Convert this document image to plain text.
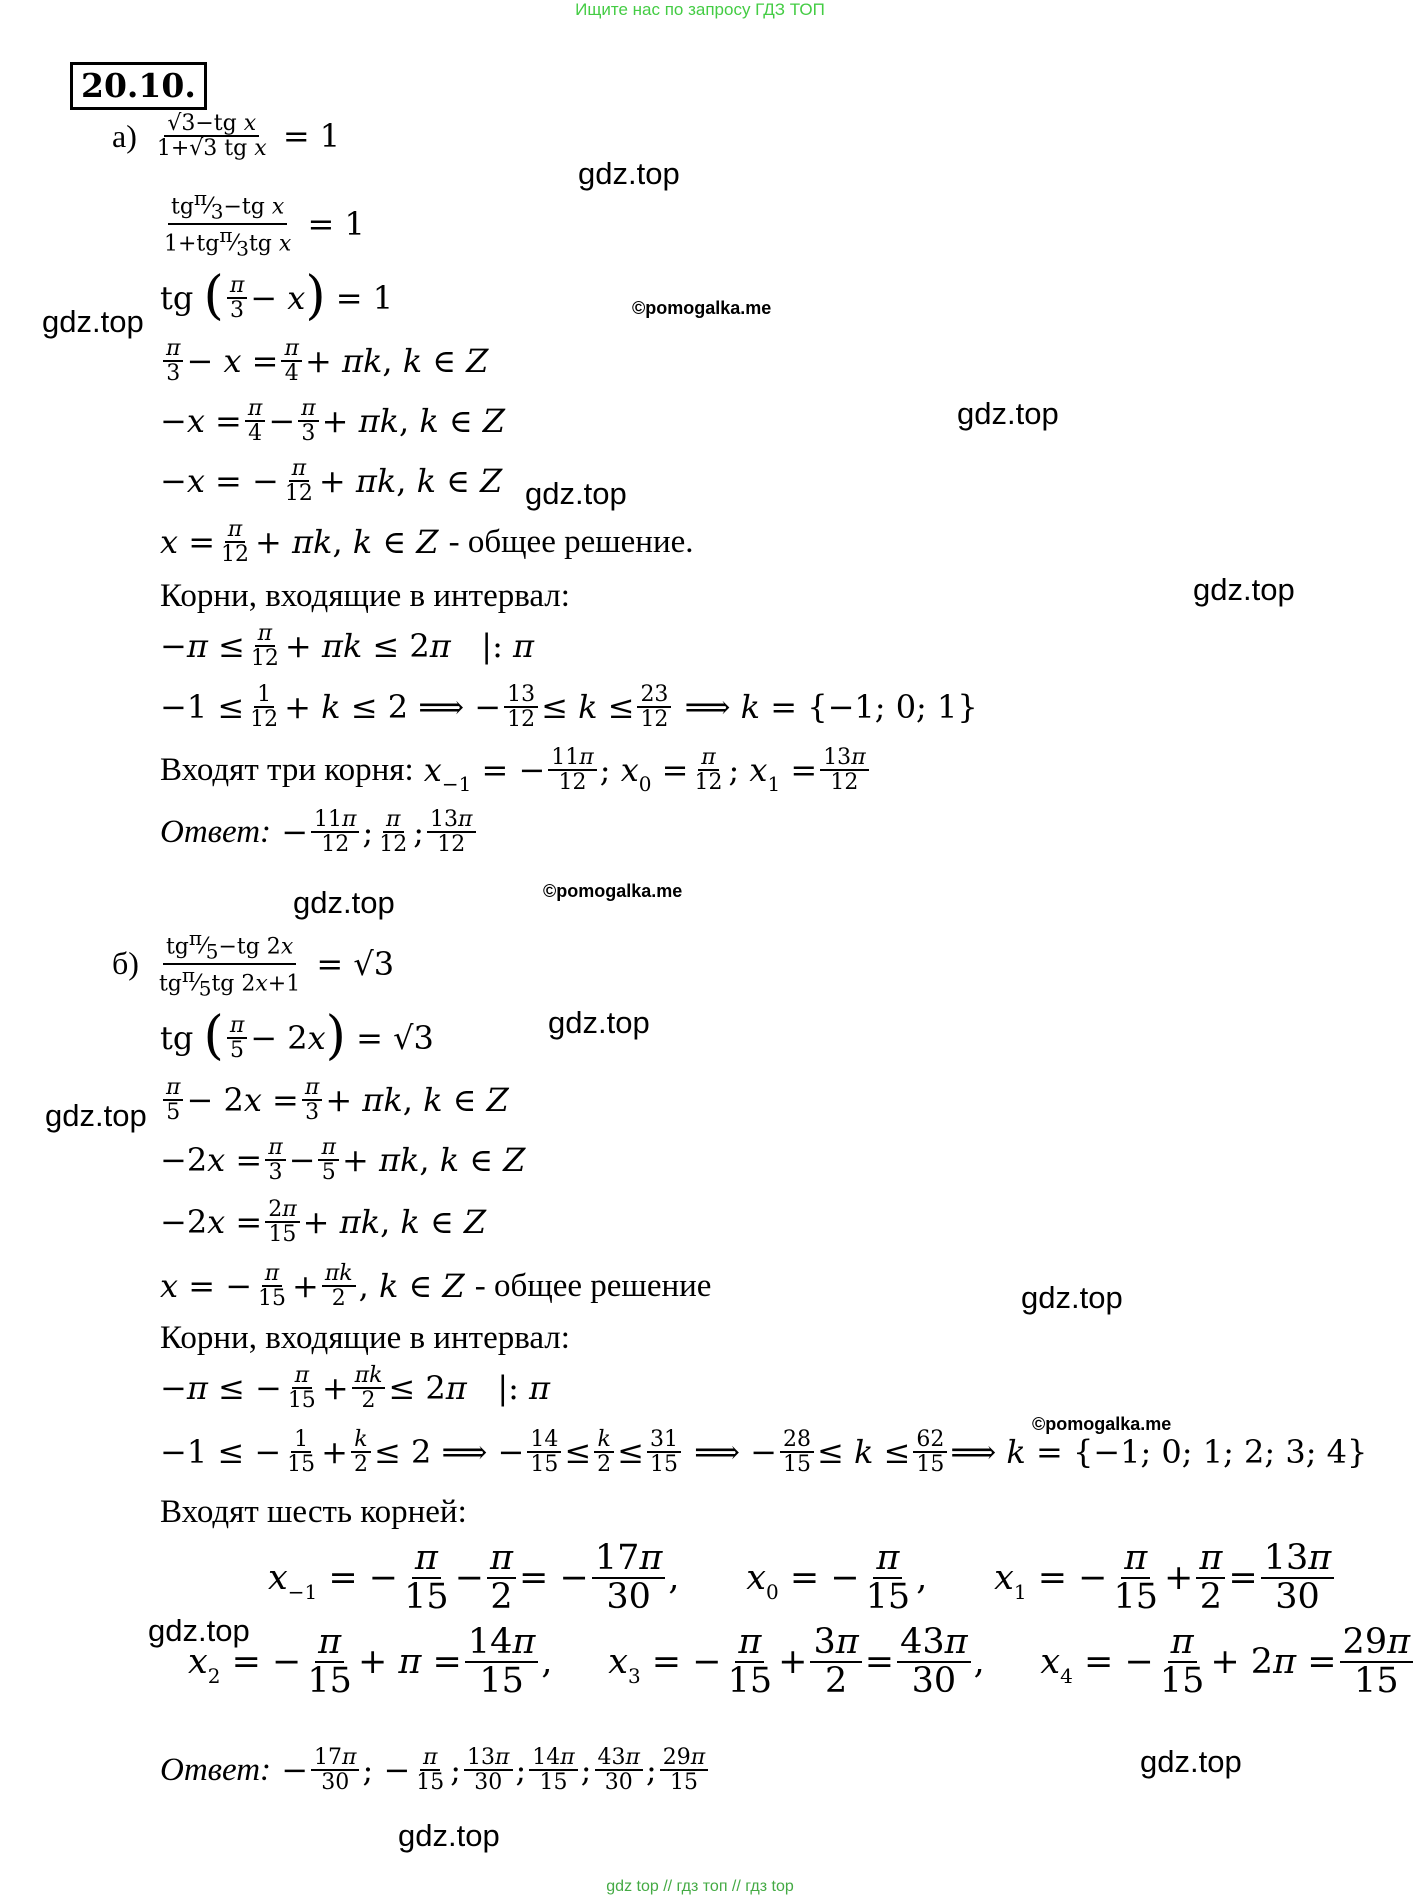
Ищите нас по запросу ГДЗ ТОП
20.10.
$а) \frac{\text{√3−tg x}}{\text{1+√3 tg x}} = 1$
$tg^\pi⁄_3-tg$ x
$1+tg^\pi⁄_3tg$ x
= 1
tg ( π
3 − x ) = 1
π
$3 - x = \frac{\pi}{4} + \pi k$, k ∈ Z
$-x = \frac{\pi}{4} - \frac{\pi}{3} + \pi k$, k ∈ Z
−x = − $\frac{\pi}{12} + \pi k$, k ∈ Z
$x = \frac{\pi}{12} + \pi k$, k ∈ Z - общее решение.
Корни, входящие в интервал:
$-\pi \le \frac{\pi}{12} + \pi k \le 2\pi$   |: π
$-1 \le \frac{1}{12} + k \le 2$ ⟹ − $\frac{13}{12} \le k \le \frac{23}{12}$ ⟹ k = {−1; 0; 1}
Входят три корня: $x_{-1}$ = − $\frac{11\pi}{12}$ ; $x_0 = \frac{\pi}{12}$ ; $x_1 = \frac{13\pi}{12}$
Ответ: − $\frac{11\pi}{12}$ ; π
12 ; 13π
12
б) $tg^\pi⁄_5-tg$ 2x
$tg^\pi⁄_5tg$ 2x+1
= √3
tg ( π
5 − 2x ) = √3
π
$5 - 2x = \frac{\pi}{3} + \pi k$, k ∈ Z
$-2x = \frac{\pi}{3} - \frac{\pi}{5} + \pi k$, k ∈ Z
$-2x = \frac{2\pi}{15} + \pi k$, k ∈ Z
x = − $\frac{\pi}{15} + \frac{\pi k}{2}$ , k ∈ Z - общее решение
Корни, входящие в интервал:
−π ≤ − $\frac{\pi}{15} + \frac{\pi k}{2} \le 2\pi$   |: π
−1 ≤ − $\frac{1}{15} + \frac{k}{2} \le 2$ ⟹ − $\frac{14}{15} \le \frac{k}{2} \le \frac{31}{15}$ ⟹ − $\frac{28}{15} \le k \le \frac{62}{15}$ ⟹ k = {−1; 0; 1; 2; 3; 4}
Входят шесть корней:
$x_{-1}$ = − $\frac{\pi}{15} - \frac{\pi}{2}$ = − $\frac{17\pi}{30}$ ,      $x_0$ = − $\frac{\pi}{15}$ ,      $x_1$ = − $\frac{\pi}{15} + \frac{\pi}{2} = \frac{13\pi}{30}$
$x_2$ = − $\frac{\pi}{15} + \pi = \frac{14\pi}{15}$ ,     $x_3$ = − $\frac{\pi}{15} + \frac{3\pi}{2} = \frac{43\pi}{30}$ ,     $x_4$ = − $\frac{\pi}{15} + 2\pi = \frac{29\pi}{15}$
Ответ: − $\frac{17\pi}{30}$ ; − $\frac{\pi}{15}$ ; 13π
30 ; 14π
15 ; 43π
30 ; 29π
15
gdz.top
gdz.top	©pomogalka.me
gdz.top
gdz.top
gdz.top
gdz.top	©pomogalka.me
gdz.top
gdz.top
gdz.top
©pomogalka.me
gdz.top
gdz.top
gdz.top
gdz top // гдз топ // гдз top
